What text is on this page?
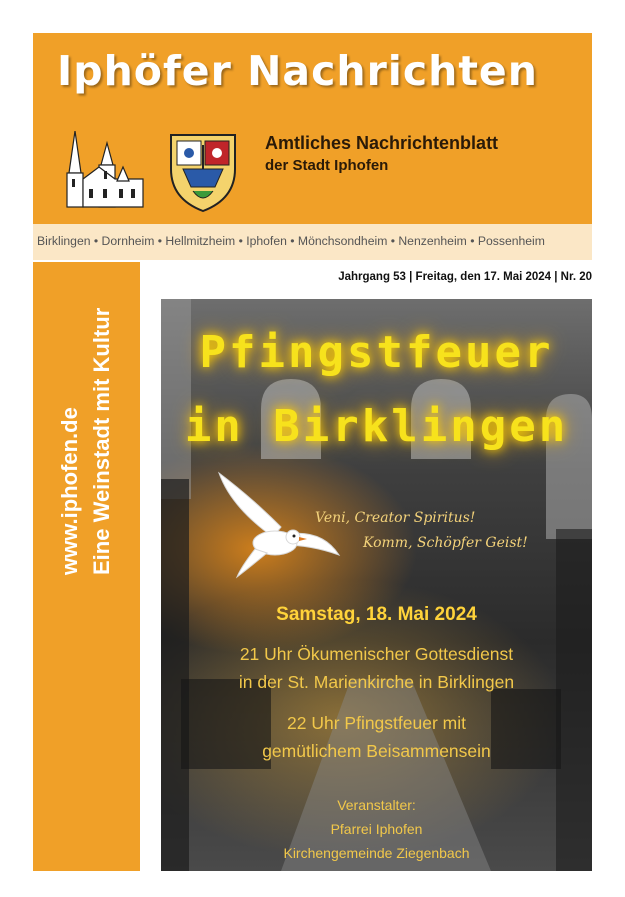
Iphöfer Nachrichten
Amtliches Nachrichtenblatt
der Stadt Iphofen
Birklingen • Dornheim • Hellmitzheim • Iphofen • Mönchsondheim • Nenzenheim • Possenheim
www.iphofen.de Eine Weinstadt mit Kultur
Jahrgang 53 | Freitag, den 17. Mai 2024 | Nr. 20
Pfingstfeuer
in Birklingen
Veni, Creator Spiritus!
Komm, Schöpfer Geist!
Samstag, 18. Mai 2024
21 Uhr Ökumenischer Gottesdienst
in der St. Marienkirche in Birklingen
22 Uhr Pfingstfeuer mit
gemütlichem Beisammensein
Veranstalter:
Pfarrei Iphofen
Kirchengemeinde Ziegenbach
